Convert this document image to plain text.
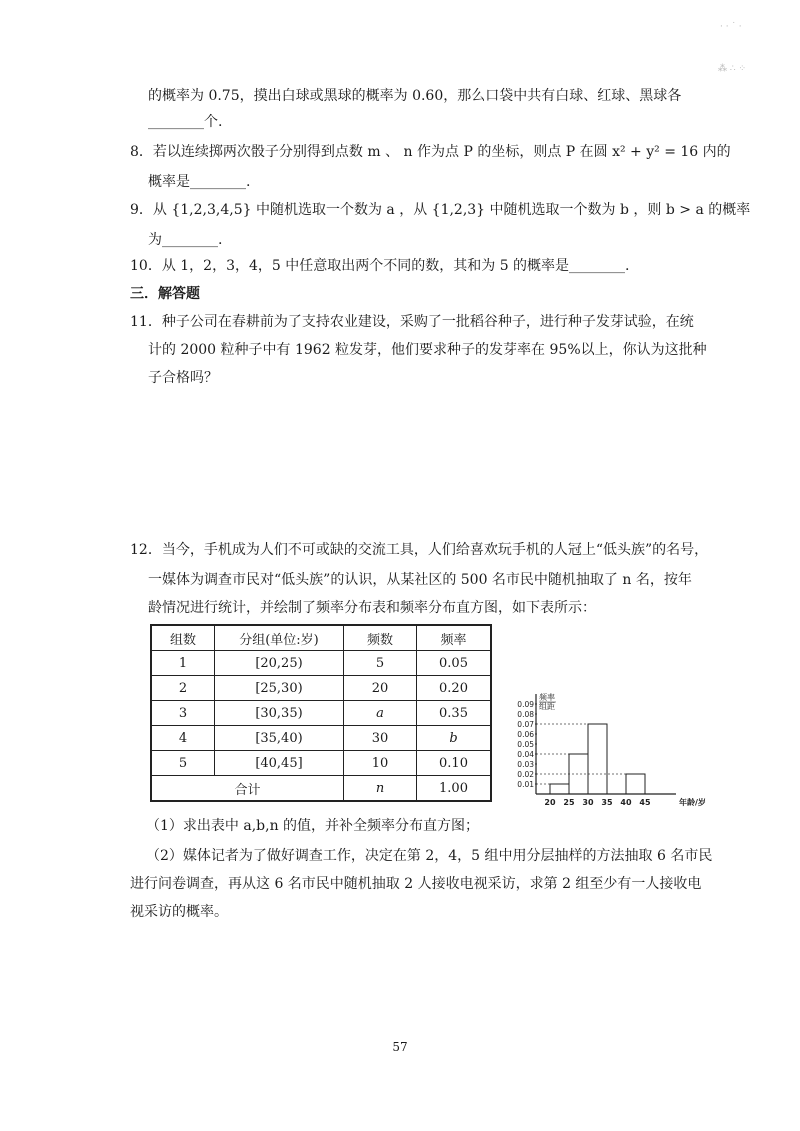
· · ˙ ·
⁂ ∴ ⁘
的概率为 0.75，摸出白球或黑球的概率为 0.60，那么口袋中共有白球、红球、黑球各
________个.
8．若以连续掷两次骰子分别得到点数 m 、 n 作为点 P 的坐标，则点 P 在圆 x² + y² = 16 内的
概率是________.
9．从 {1,2,3,4,5} 中随机选取一个数为 a ，从 {1,2,3} 中随机选取一个数为 b ，则 b > a 的概率
为________.
10．从 1，2，3，4，5 中任意取出两个不同的数，其和为 5 的概率是________.
三．解答题
11．种子公司在春耕前为了支持农业建设，采购了一批稻谷种子，进行种子发芽试验，在统
计的 2000 粒种子中有 1962 粒发芽，他们要求种子的发芽率在 95%以上，你认为这批种
子合格吗？
12．当今，手机成为人们不可或缺的交流工具，人们给喜欢玩手机的人冠上“低头族”的名号，
一媒体为调查市民对“低头族”的认识，从某社区的 500 名市民中随机抽取了 n 名，按年
龄情况进行统计，并绘制了频率分布表和频率分布直方图，如下表所示：
组数	分组(单位:岁)	频数	频率
1	[20,25)	5	0.05
2	[25,30)	20	0.20
3	[30,35)	a	0.35
4	[35,40)	30	b
5	[40,45]	10	0.10
合计		n	1.00	0.01
0.02
0.03
0.04
0.05
0.06
0.07
0.08
0.09
20 25 30 35 40 45
频率
组距
年龄/岁
（1）求出表中 a,b,n 的值，并补全频率分布直方图；
（2）媒体记者为了做好调查工作，决定在第 2，4，5 组中用分层抽样的方法抽取 6 名市民
进行问卷调查，再从这 6 名市民中随机抽取 2 人接收电视采访，求第 2 组至少有一人接收电
视采访的概率。
57
